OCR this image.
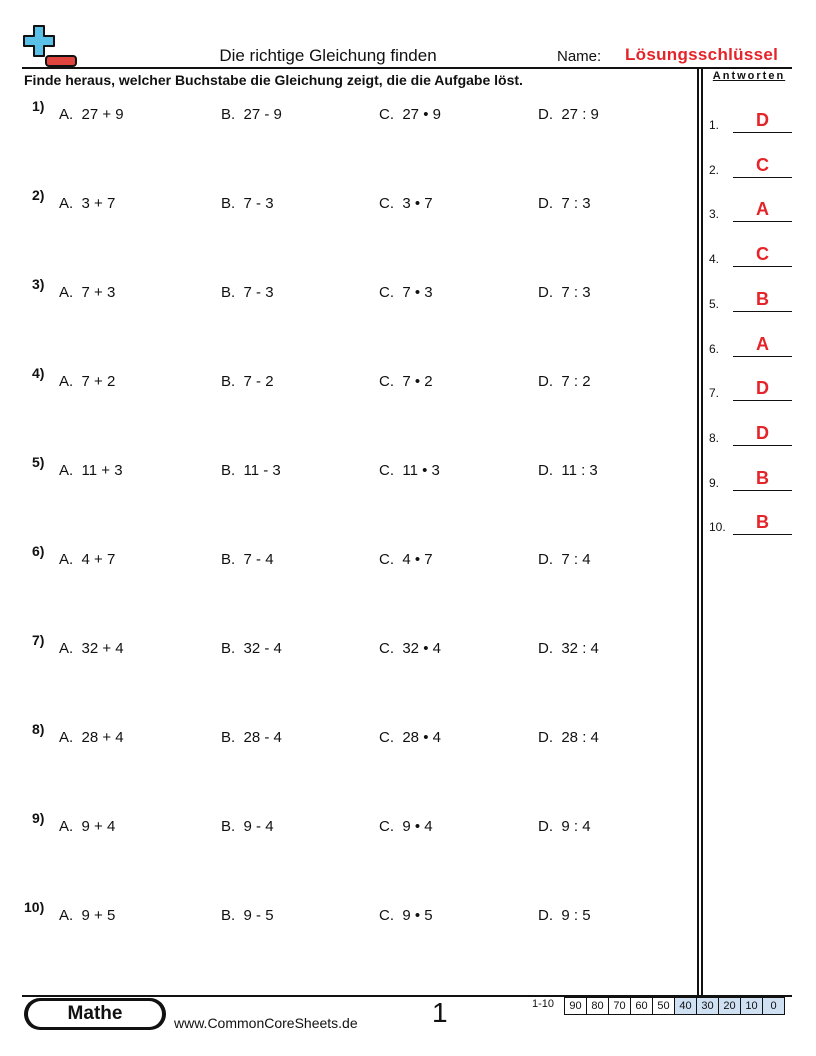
Die richtige Gleichung finden	Name: Lösungsschlüssel
Finde heraus, welcher Buchstabe die Gleichung zeigt, die die Aufgabe löst.	Antworten
1.	D
2.	C
3.	A
4.	C
5.	B
6.	A
7.	D
8.	D
9.	B
10.	B
1) A. 27 + 9	B. 27 - 9	C. 27 • 9	D. 27 : 9
2) A. 3 + 7	B. 7 - 3	C. 3 • 7	D. 7 : 3
3) A. 7 + 3	B. 7 - 3	C. 7 • 3	D. 7 : 3
4) A. 7 + 2	B. 7 - 2	C. 7 • 2	D. 7 : 2
5) A. 11 + 3	B. 11 - 3	C. 11 • 3	D. 11 : 3
6) A. 4 + 7	B. 7 - 4	C. 4 • 7	D. 7 : 4
7) A. 32 + 4	B. 32 - 4	C. 32 • 4	D. 32 : 4
8) A. 28 + 4	B. 28 - 4	C. 28 • 4	D. 28 : 4
9) A. 9 + 4	B. 9 - 4	C. 9 • 4	D. 9 : 4
10) A. 9 + 5	B. 9 - 5	C. 9 • 5	D. 9 : 5
Mathe	www.CommonCoreSheets.de	1	1-10 90	80	70	60	50	40	30	20	10	0
